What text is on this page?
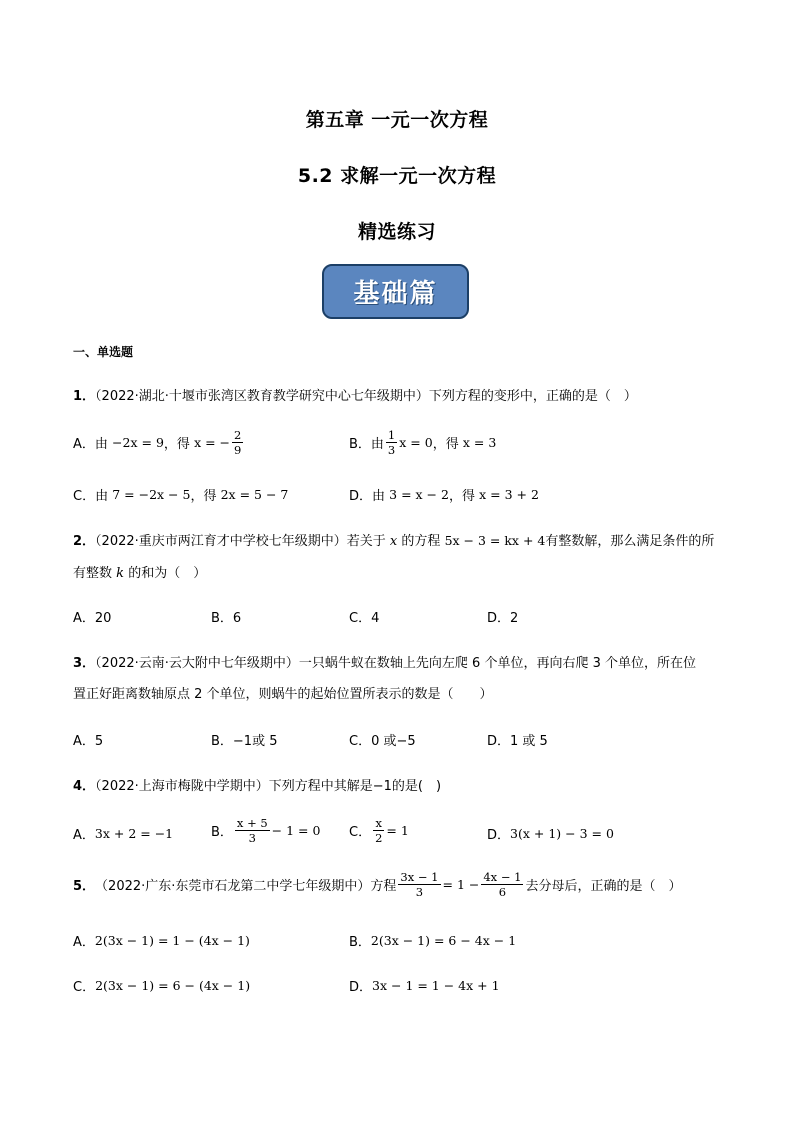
第五章 一元一次方程
5.2 求解一元一次方程
精选练习
基础篇
一、单选题
1．（2022·湖北·十堰市张湾区教育教学研究中心七年级期中）下列方程的变形中，正确的是（　）
A．由
−2x = 9 ，得
x = − $\frac{2}{9}$	B．由 $\frac{1}{3}$ x = 0 ，得
x = 3
C．由
7 = −2x − 5 ，得
2x = 5 − 7	D．由
3 = x − 2 ，得
x = 3 + 2
2．（2022·重庆市两江育才中学校七年级期中）若关于 x 的方程 5x − 3 = kx + 4有整数解，那么满足条件的所
有整数 k 的和为（　）
A．20	B．6	C．4	D．2
3．（2022·云南·云大附中七年级期中）一只蜗牛蚁在数轴上先向左爬 6 个单位，再向右爬 3 个单位，所在位
置正好距离数轴原点 2 个单位，则蜗牛的起始位置所表示的数是（　　）
A．5	B．−1或 5	C．0 或−5	D．1 或 5
4．（2022·上海市梅陇中学期中）下列方程中其解是−1的是(　)
A． 3x + 2 = −1	B． $\frac{x + 5}{3} - 1 = 0$ C． $\frac{x}{2} = 1$	D． 3(x + 1) − 3 = 0
5． （2022·广东·东莞市石龙第二中学七年级期中） 方程 $\frac{3x - 1}{3} = 1 - \frac{4x - 1}{6}$ 去分母后，正确的是（　）
A． 2(3x − 1) = 1 − (4x − 1)	B． 2(3x − 1) = 6 − 4x − 1
C． 2(3x − 1) = 6 − (4x − 1)	D． 3x − 1 = 1 − 4x + 1
